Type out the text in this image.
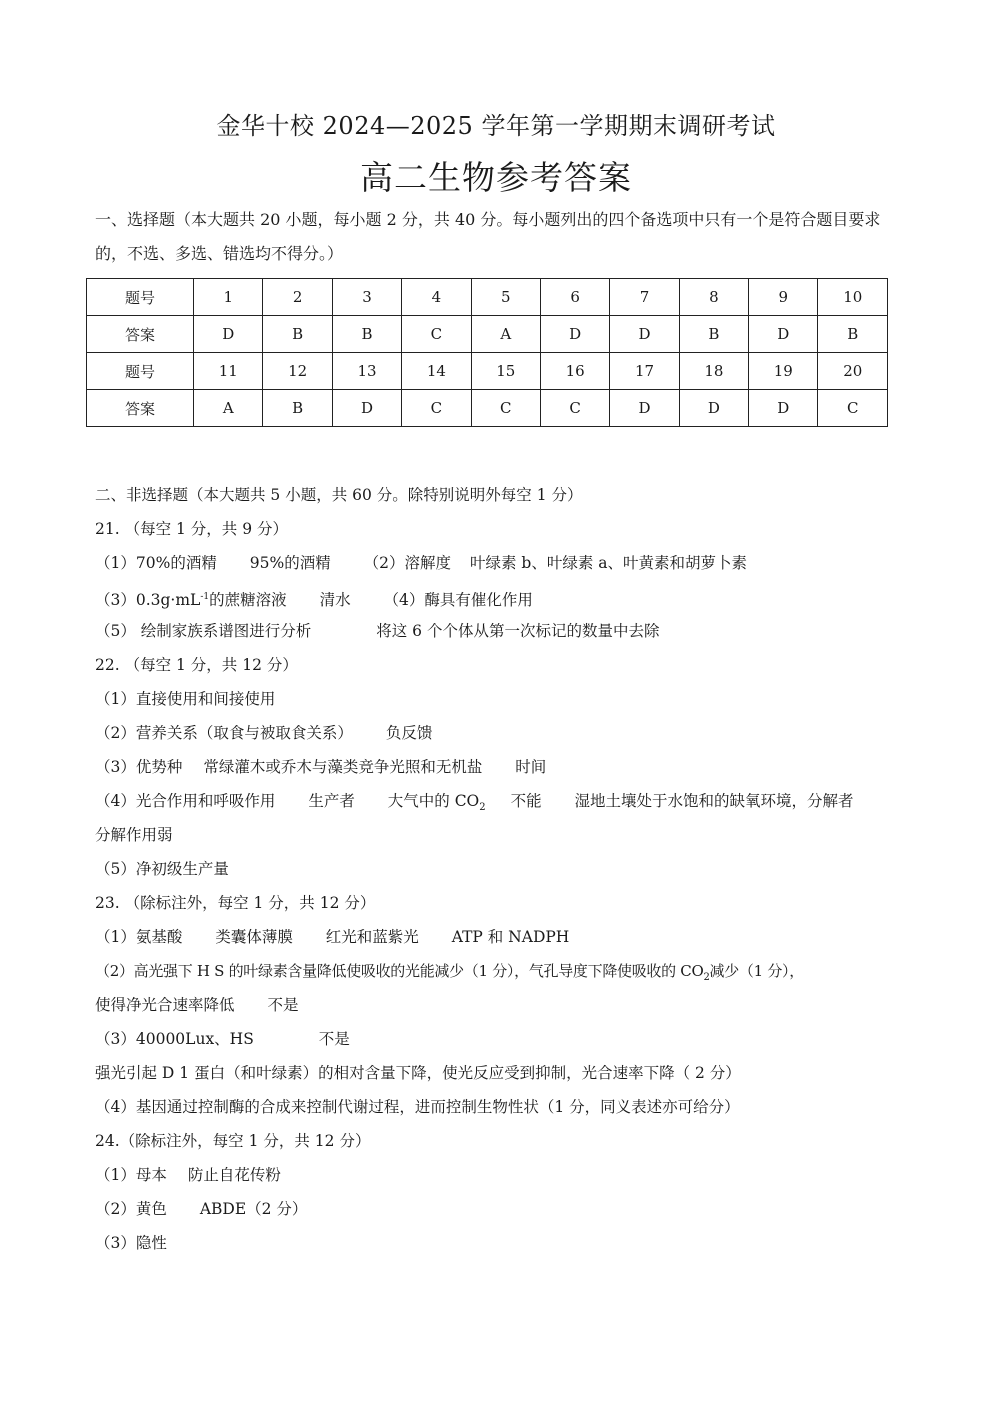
金华十校 2024—2025 学年第一学期期末调研考试
高二生物参考答案
一、选择题（本大题共 20 小题，每小题 2 分，共 40 分。每小题列出的四个备选项中只有一个是符合题目要求的，不选、多选、错选均不得分。）
题号	1	2	3	4	5	6	7	8	9	10
答案	D	B	B	C	A	D	D	B	D	B
题号	11	12	13	14	15	16	17	18	19	20
答案	A	B	D	C	C	C	D	D	D	C
二、非选择题（本大题共 5 小题，共 60 分。除特别说明外每空 1 分）
21. （每空 1 分，共 9 分）
（1）70%的酒精 95%的酒精 （2）溶解度 叶绿素 b、叶绿素 a、叶黄素和胡萝卜素
$(3)0.3g\cdot mL^{-1}$的蔗糖溶液 清水 （4）酶具有催化作用
（5） 绘制家族系谱图进行分析	将这 6 个个体从第一次标记的数量中去除
22. （每空 1 分，共 12 分）
（1）直接使用和间接使用
（2）营养关系（取食与被取食关系） 负反馈
（3）优势种 常绿灌木或乔木与藻类竞争光照和无机盐 时间
（4）光合作用和呼吸作用 生产者 大气中的 $CO_2$ 不能 湿地土壤处于水饱和的缺氧环境，分解者
分解作用弱
（5）净初级生产量
23. （除标注外，每空 1 分，共 12 分）
（1）氨基酸 类囊体薄膜 红光和蓝紫光 ATP 和 NADPH
（2）高光强下 H S 的叶绿素含量降低使吸收的光能减少（1 分），气孔导度下降使吸收的 $CO_2$减少（1 分），
使得净光合速率降低 不是
（3）40000Lux、HS	不是
强光引起 D 1 蛋白（和叶绿素）的相对含量下降，使光反应受到抑制，光合速率下降（ 2 分）
（4）基因通过控制酶的合成来控制代谢过程，进而控制生物性状（1 分，同义表述亦可给分）
24.（除标注外，每空 1 分，共 12 分）
（1）母本 防止自花传粉
（2）黄色 ABDE（2 分）
（3）隐性
